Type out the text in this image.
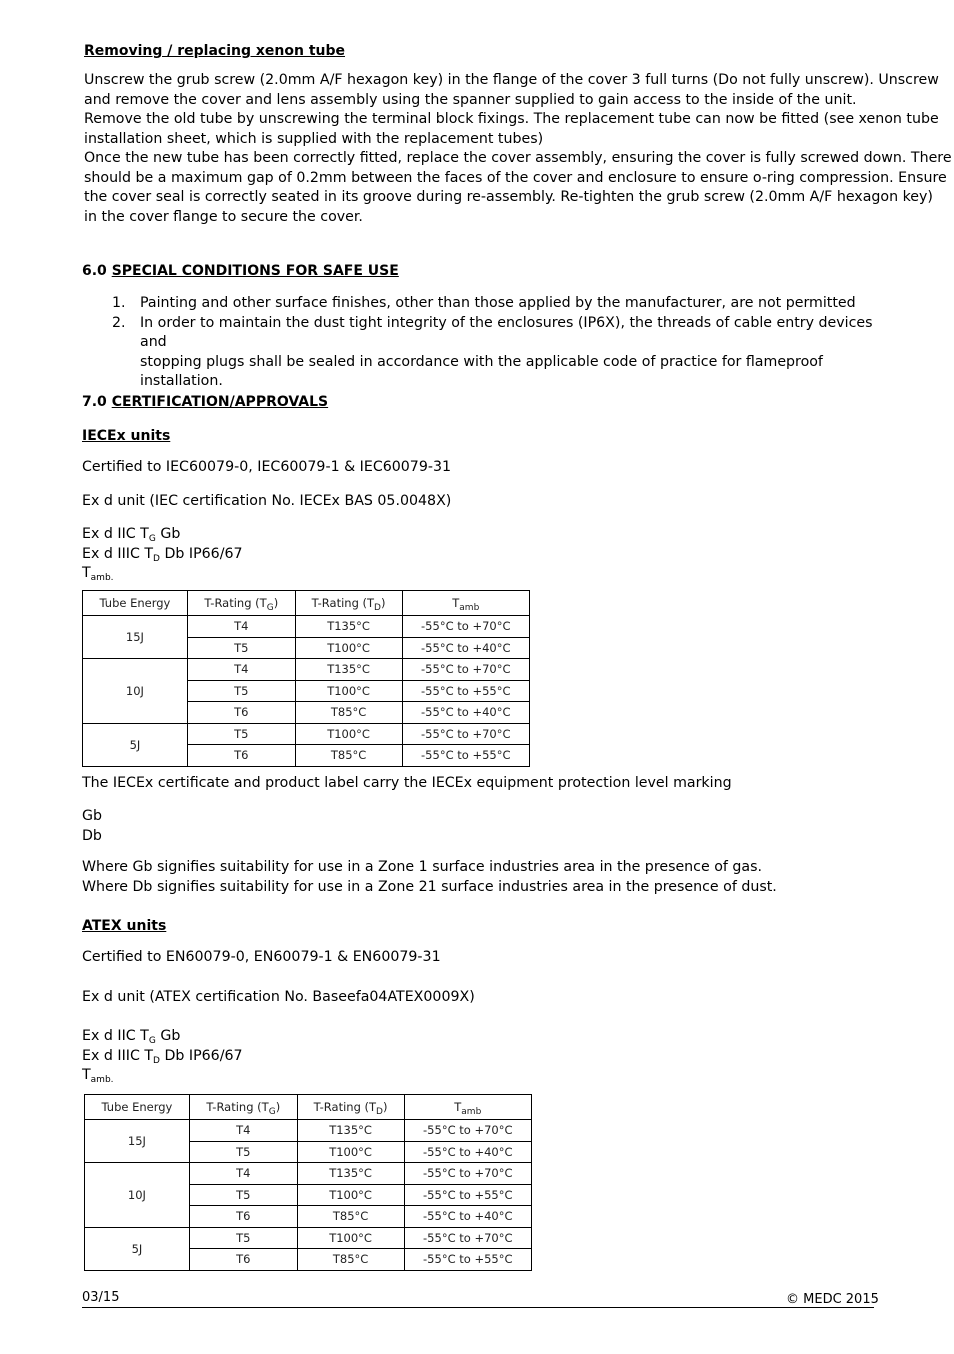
Removing / replacing xenon tube
Unscrew the grub screw (2.0mm A/F hexagon key) in the flange of the cover 3 full turns (Do not fully unscrew). Unscrew
and remove the cover and lens assembly using the spanner supplied to gain access to the inside of the unit.
Remove the old tube by unscrewing the terminal block fixings. The replacement tube can now be fitted (see xenon tube
installation sheet, which is supplied with the replacement tubes)
Once the new tube has been correctly fitted, replace the cover assembly, ensuring the cover is fully screwed down. There
should be a maximum gap of 0.2mm between the faces of the cover and enclosure to ensure o-ring compression. Ensure
the cover seal is correctly seated in its groove during re-assembly. Re-tighten the grub screw (2.0mm A/F hexagon key)
in the cover flange to secure the cover.
6.0 SPECIAL CONDITIONS FOR SAFE USE
1. Painting and other surface finishes, other than those applied by the manufacturer, are not permitted
2. In order to maintain the dust tight integrity of the enclosures (IP6X), the threads of cable entry devices and
stopping plugs shall be sealed in accordance with the applicable code of practice for flameproof installation.
7.0 CERTIFICATION/APPROVALS
IECEx units
Certified to IEC60079-0, IEC60079-1 & IEC60079-31
Ex d unit (IEC certification No. IECEx BAS 05.0048X)
Ex d IIC $T_G$ Gb
Ex d IIIC $T_D$ Db IP66/67
$T_{amb.}$
Tube Energy	T-Rating $(T_G)$	T-Rating $(T_D)$	$T_{amb}$
15J	T4	T135°C	-55°C to +70°C
	T5	T100°C	-55°C to +40°C
10J	T4	T135°C	-55°C to +70°C
	T5	T100°C	-55°C to +55°C
	T6	T85°C	-55°C to +40°C
5J	T5	T100°C	-55°C to +70°C
	T6	T85°C	-55°C to +55°C
The IECEx certificate and product label carry the IECEx equipment protection level marking
Gb
Db
Where Gb signifies suitability for use in a Zone 1 surface industries area in the presence of gas.
Where Db signifies suitability for use in a Zone 21 surface industries area in the presence of dust.
ATEX units
Certified to EN60079-0, EN60079-1 & EN60079-31
Ex d unit (ATEX certification No. Baseefa04ATEX0009X)
Ex d IIC $T_G$ Gb
Ex d IIIC $T_D$ Db IP66/67
$T_{amb.}$
Tube Energy	T-Rating $(T_G)$	T-Rating $(T_D)$	$T_{amb}$
15J	T4	T135°C	-55°C to +70°C
	T5	T100°C	-55°C to +40°C
10J	T4	T135°C	-55°C to +70°C
	T5	T100°C	-55°C to +55°C
	T6	T85°C	-55°C to +40°C
5J	T5	T100°C	-55°C to +70°C
	T6	T85°C	-55°C to +55°C
03/15	© MEDC 2015
